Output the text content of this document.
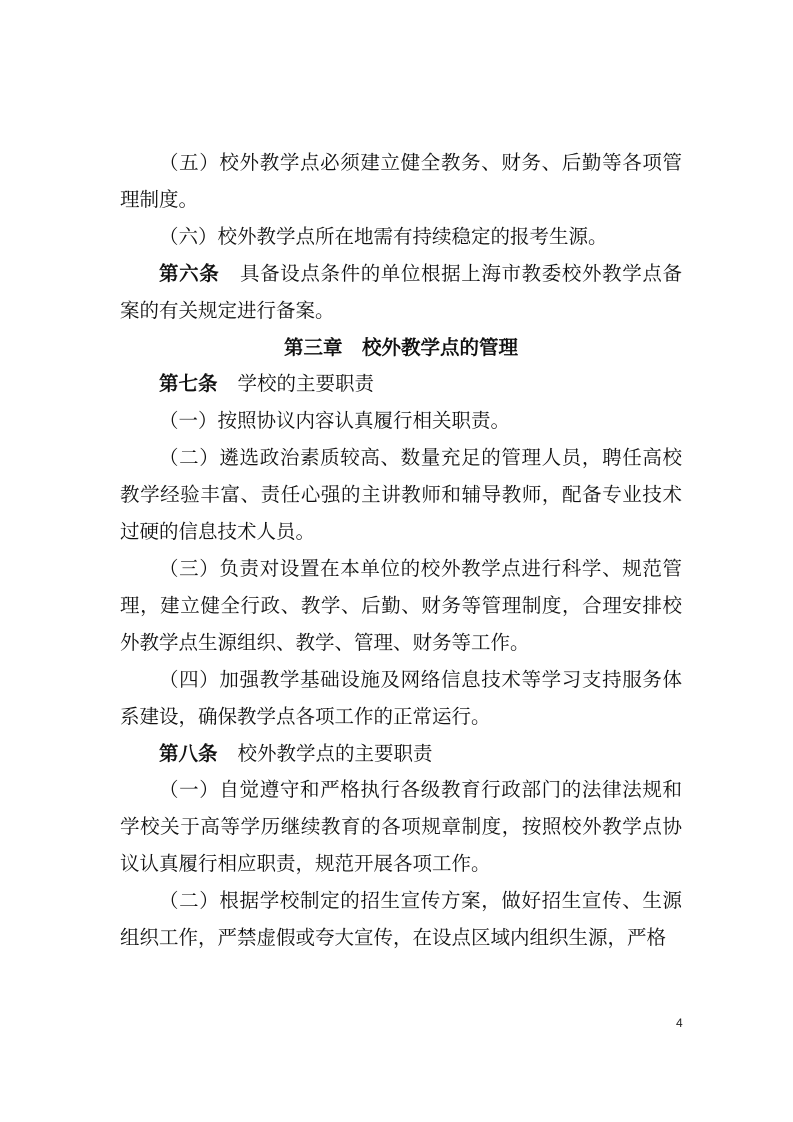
（五）校外教学点必须建立健全教务、财务、后勤等各项管理制度。

（六）校外教学点所在地需有持续稳定的报考生源。

第六条 具备设点条件的单位根据上海市教委校外教学点备案的有关规定进行备案。

第三章　校外教学点的管理

第七条 学校的主要职责

（一）按照协议内容认真履行相关职责。

（二）遴选政治素质较高、数量充足的管理人员，聘任高校教学经验丰富、责任心强的主讲教师和辅导教师，配备专业技术过硬的信息技术人员。

（三）负责对设置在本单位的校外教学点进行科学、规范管理，建立健全行政、教学、后勤、财务等管理制度，合理安排校外教学点生源组织、教学、管理、财务等工作。

（四）加强教学基础设施及网络信息技术等学习支持服务体系建设，确保教学点各项工作的正常运行。

第八条 校外教学点的主要职责

（一）自觉遵守和严格执行各级教育行政部门的法律法规和学校关于高等学历继续教育的各项规章制度，按照校外教学点协议认真履行相应职责，规范开展各项工作。

（二）根据学校制定的招生宣传方案，做好招生宣传、生源组织工作，严禁虚假或夸大宣传，在设点区域内组织生源，严格

4
